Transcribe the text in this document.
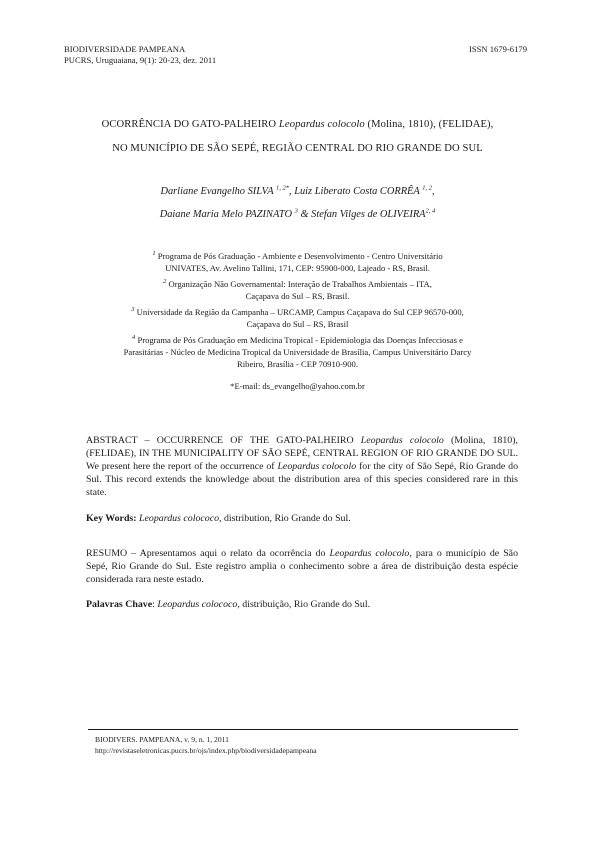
BIODIVERSIDADE PAMPEANA
PUCRS, Uruguaiana, 9(1): 20-23, dez. 2011
ISSN 1679-6179
OCORRÊNCIA DO GATO-PALHEIRO Leopardus colocolo (Molina, 1810), (FELIDAE),
NO MUNICÍPIO DE SÃO SEPÉ, REGIÃO CENTRAL DO RIO GRANDE DO SUL
Darliane Evangelho SILVA $^{1, 2*}$, Luiz Liberato Costa CORRÊA $^{1, 2}$,
Daiane Maria Melo PAZINATO $^3$ & Stefan Vilges de OLIVEIRA$^{2, 4}$
$^1$ Programa de Pós Graduação - Ambiente e Desenvolvimento - Centro Universitário
UNIVATES, Av. Avelino Tallini, 171, CEP: 95900-000, Lajeado - RS, Brasil.
$^2$ Organização Não Governamental: Interação de Trabalhos Ambientais – ITA,
Caçapava do Sul – RS, Brasil.
$^3$ Universidade da Região da Campanha – URCAMP, Campus Caçapava do Sul CEP 96570-000,
Caçapava do Sul – RS, Brasil
$^4$ Programa de Pós Graduação em Medicina Tropical - Epidemiologia das Doenças Infecciosas e
Parasitárias - Núcleo de Medicina Tropical da Universidade de Brasília, Campus Universitário Darcy
Ribeiro, Brasília - CEP 70910-900.
*E-mail: ds_evangelho@yahoo.com.br
ABSTRACT – OCCURRENCE OF THE GATO-PALHEIRO Leopardus colocolo (Molina, 1810), (FELIDAE), IN THE MUNICIPALITY OF SÃO SEPÉ, CENTRAL REGION OF RIO GRANDE DO SUL. We present here the report of the occurrence of Leopardus colocolo for the city of São Sepé, Rio Grande do Sul. This record extends the knowledge about the distribution area of this species considered rare in this state.
Key Words: Leopardus colococo, distribution, Rio Grande do Sul.
RESUMO – Apresentamos aqui o relato da ocorrência do Leopardus colocolo, para o município de São Sepé, Rio Grande do Sul. Este registro amplia o conhecimento sobre a área de distribuição desta espécie considerada rara neste estado.
Palavras Chave: Leopardus colococo, distribuição, Rio Grande do Sul.
BIODIVERS. PAMPEANA, v. 9, n. 1, 2011
http://revistaseletronicas.pucrs.br/ojs/index.php/biodiversidadepampeana
